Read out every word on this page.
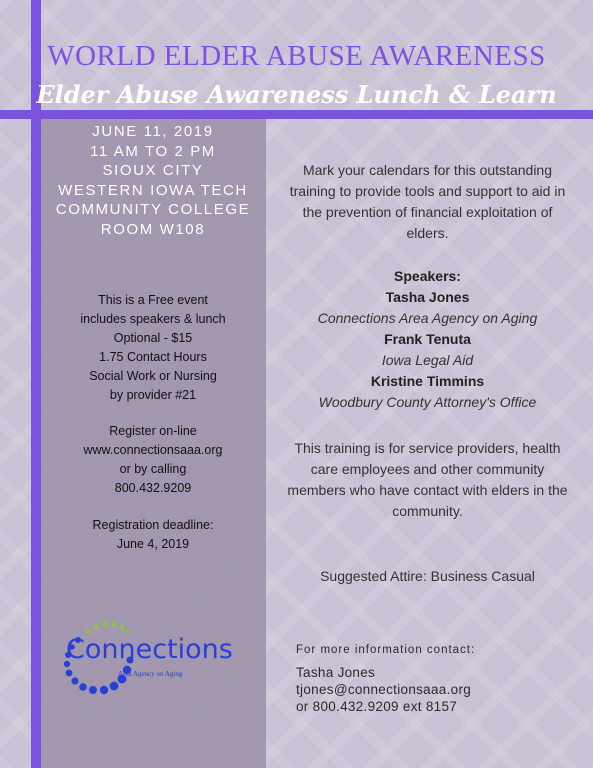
WORLD ELDER ABUSE AWARENESS
Elder Abuse Awareness Lunch & Learn
JUNE 11, 2019
11 AM TO 2 PM
SIOUX CITY
WESTERN IOWA TECH
COMMUNITY COLLEGE
ROOM W108
This is a Free event
includes speakers & lunch
Optional - $15
1.75 Contact Hours
Social Work or Nursing
by provider #21
Register on-line
www.connectionsaaa.org
or by calling
800.432.9209
Registration deadline:
June 4, 2019
Connections
Area Agency on Aging
Mark your calendars for this outstanding training to provide tools and support to aid in the prevention of financial exploitation of elders.
Speakers:
Tasha Jones
Connections Area Agency on Aging
Frank Tenuta
Iowa Legal Aid
Kristine Timmins
Woodbury County Attorney's Office
This training is for service providers, health care employees and other community members who have contact with elders in the community.
Suggested Attire: Business Casual
For more information contact:
Tasha Jones
tjones@connectionsaaa.org
or 800.432.9209 ext 8157
